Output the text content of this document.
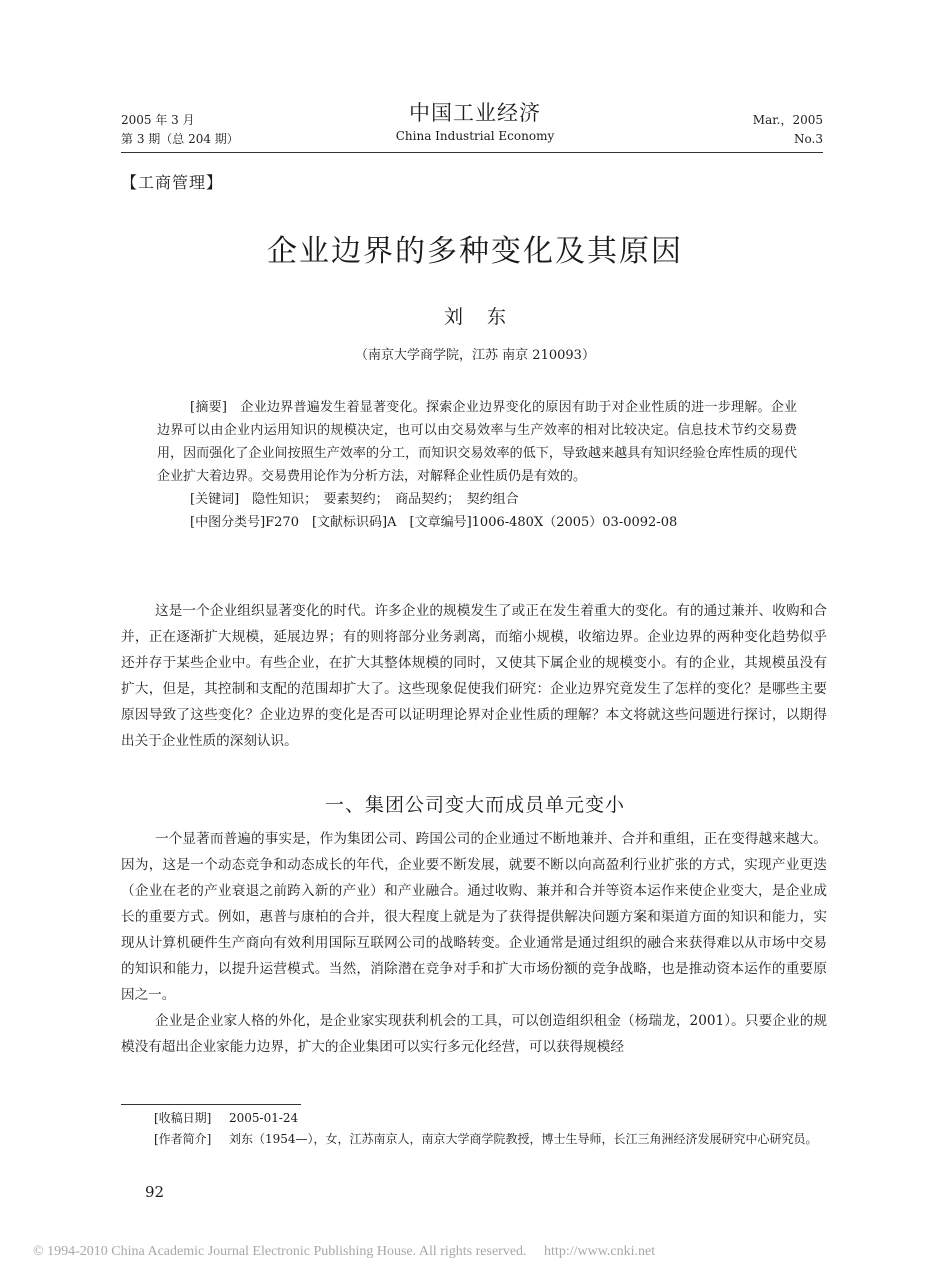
2005 年 3 月
第 3 期（总 204 期）
中国工业经济
China Industrial Economy
Mar.，2005
No.3
【工商管理】
企业边界的多种变化及其原因
刘 东
（南京大学商学院，江苏 南京 210093）

[摘要]　企业边界普遍发生着显著变化。探索企业边界变化的原因有助于对企业性质的进一步理解。企业边界可以由企业内运用知识的规模决定，也可以由交易效率与生产效率的相对比较决定。信息技术节约交易费用，因而强化了企业间按照生产效率的分工，而知识交易效率的低下，导致越来越具有知识经验仓库性质的现代企业扩大着边界。交易费用论作为分析方法，对解释企业性质仍是有效的。

[关键词]　隐性知识；　要素契约；　商品契约；　契约组合

[中图分类号]F270　[文献标识码]A　[文章编号]1006-480X（2005）03-0092-08

这是一个企业组织显著变化的时代。许多企业的规模发生了或正在发生着重大的变化。有的通过兼并、收购和合并，正在逐渐扩大规模，延展边界；有的则将部分业务剥离，而缩小规模，收缩边界。企业边界的两种变化趋势似乎还并存于某些企业中。有些企业，在扩大其整体规模的同时，又使其下属企业的规模变小。有的企业，其规模虽没有扩大，但是，其控制和支配的范围却扩大了。这些现象促使我们研究：企业边界究竟发生了怎样的变化？是哪些主要原因导致了这些变化？企业边界的变化是否可以证明理论界对企业性质的理解？本文将就这些问题进行探讨，以期得出关于企业性质的深刻认识。

一、集团公司变大而成员单元变小

一个显著而普遍的事实是，作为集团公司、跨国公司的企业通过不断地兼并、合并和重组，正在变得越来越大。因为，这是一个动态竞争和动态成长的年代，企业要不断发展，就要不断以向高盈利行业扩张的方式，实现产业更迭（企业在老的产业衰退之前跨入新的产业）和产业融合。通过收购、兼并和合并等资本运作来使企业变大，是企业成长的重要方式。例如，惠普与康柏的合并，很大程度上就是为了获得提供解决问题方案和渠道方面的知识和能力，实现从计算机硬件生产商向有效利用国际互联网公司的战略转变。企业通常是通过组织的融合来获得难以从市场中交易的知识和能力，以提升运营模式。当然，消除潜在竞争对手和扩大市场份额的竞争战略，也是推动资本运作的重要原因之一。

企业是企业家人格的外化，是企业家实现获利机会的工具，可以创造组织租金（杨瑞龙，2001）。只要企业的规模没有超出企业家能力边界，扩大的企业集团可以实行多元化经营，可以获得规模经

[收稿日期]	2005-01-24
[作者简介]	刘东（1954—），女，江苏南京人，南京大学商学院教授，博士生导师，长江三角洲经济发展研究中心研究员。
92
© 1994-2010 China Academic Journal Electronic Publishing House. All rights reserved.　 http://www.cnki.net
